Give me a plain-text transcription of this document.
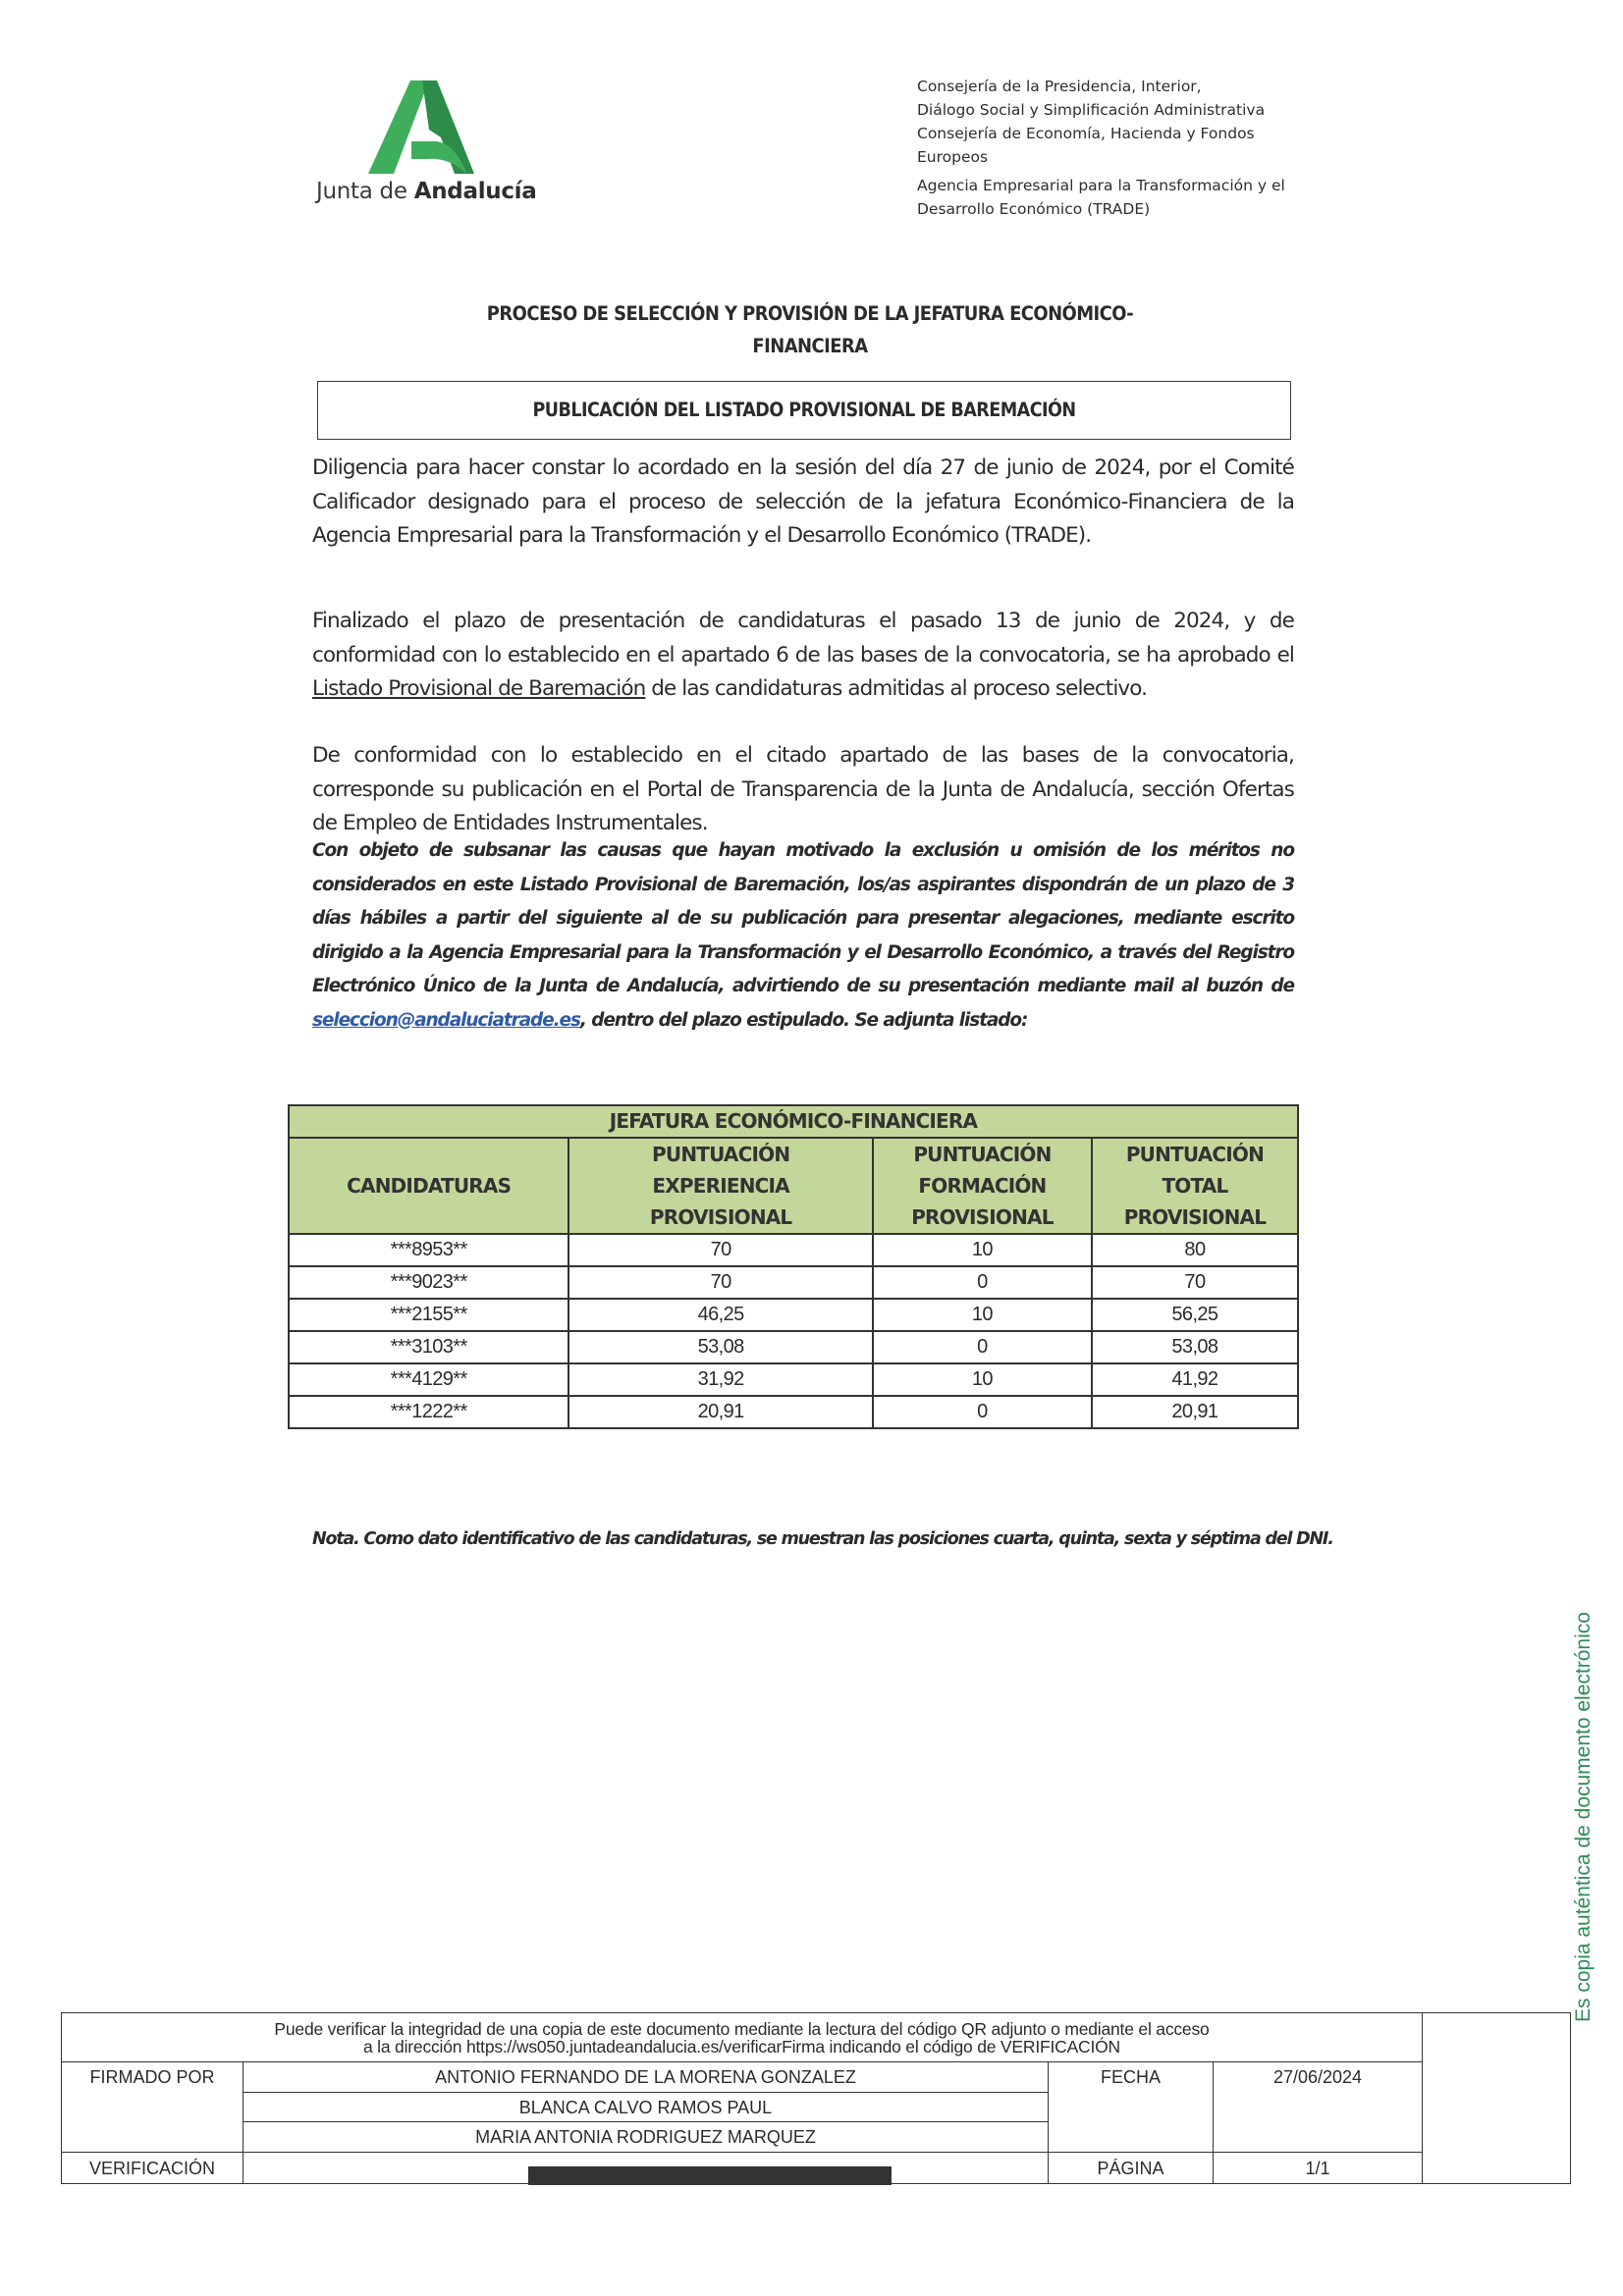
Junta de Andalucía
Consejería de la Presidencia, Interior,
Diálogo Social y Simplificación Administrativa
Consejería de Economía, Hacienda y Fondos
Europeos
Agencia Empresarial para la Transformación y el
Desarrollo Económico (TRADE)
PROCESO DE SELECCIÓN Y PROVISIÓN DE LA JEFATURA ECONÓMICO-
FINANCIERA
PUBLICACIÓN DEL LISTADO PROVISIONAL DE BAREMACIÓN
Diligencia para hacer constar lo acordado en la sesión del día 27 de junio de 2024, por el Comité Calificador designado para el proceso de selección de la jefatura Económico-Financiera de la Agencia Empresarial para la Transformación y el Desarrollo Económico (TRADE).
Finalizado el plazo de presentación de candidaturas el pasado 13 de junio de 2024, y de conformidad con lo establecido en el apartado 6 de las bases de la convocatoria, se ha aprobado el Listado Provisional de Baremación de las candidaturas admitidas al proceso selectivo.
De conformidad con lo establecido en el citado apartado de las bases de la convocatoria, corresponde su publicación en el Portal de Transparencia de la Junta de Andalucía, sección Ofertas de Empleo de Entidades Instrumentales.
Con objeto de subsanar las causas que hayan motivado la exclusión u omisión de los méritos no considerados en este Listado Provisional de Baremación, los/as aspirantes dispondrán de un plazo de 3 días hábiles a partir del siguiente al de su publicación para presentar alegaciones, mediante escrito dirigido a la Agencia Empresarial para la Transformación y el Desarrollo Económico, a través del Registro Electrónico Único de la Junta de Andalucía, advirtiendo de su presentación mediante mail al buzón de seleccion@andaluciatrade.es, dentro del plazo estipulado. Se adjunta listado:
JEFATURA ECONÓMICO-FINANCIERA			
CANDIDATURAS	PUNTUACIÓN
EXPERIENCIA
PROVISIONAL	PUNTUACIÓN
FORMACIÓN
PROVISIONAL	PUNTUACIÓN
TOTAL
PROVISIONAL
***8953**	70	10	80
***9023**	70	0	70
***2155**	46,25	10	56,25
***3103**	53,08	0	53,08
***4129**	31,92	10	41,92
***1222**	20,91	0	20,91
Nota. Como dato identificativo de las candidaturas, se muestran las posiciones cuarta, quinta, sexta y séptima del DNI.
Es copia auténtica de documento electrónico
Puede verificar la integridad de una copia de este documento mediante la lectura del código QR adjunto o mediante el acceso
a la dirección https://ws050.juntadeandalucia.es/verificarFirma indicando el código de VERIFICACIÓN
FIRMADO POR	ANTONIO FERNANDO DE LA MORENA GONZALEZ
BLANCA CALVO RAMOS PAUL
MARIA ANTONIA RODRIGUEZ MARQUEZ
FECHA	27/06/2024
VERIFICACIÓN	PÁGINA	1/1
